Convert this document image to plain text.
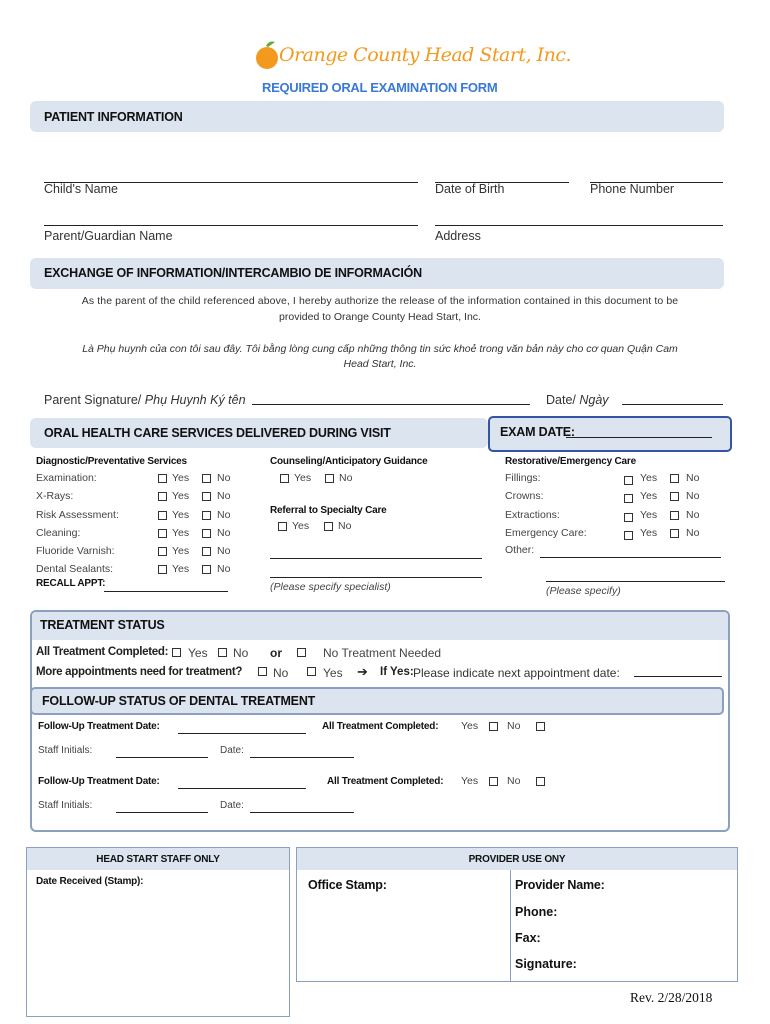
Orange County Head Start, Inc.
REQUIRED ORAL EXAMINATION FORM
PATIENT INFORMATION
Child's Name	Date of Birth	Phone Number
Parent/Guardian Name	Address
EXCHANGE OF INFORMATION/INTERCAMBIO DE INFORMACIÓN
As the parent of the child referenced above, I hereby authorize the release of the information contained in this document to be
provided to Orange County Head Start, Inc.
Là Phụ huynh của con tôi sau đây. Tôi bằng lòng cung cấp những thông tin sức khoẻ trong văn bản này cho cơ quan Quận Cam
Head Start, Inc.
Parent Signature/ Phụ Huynh Ký tên	Date/ Ngày
ORAL HEALTH CARE SERVICES DELIVERED DURING VISIT	EXAM DATE:
Diagnostic/Preventative Services
Examination:	Yes	No
X-Rays:	Yes	No
Risk Assessment:	Yes	No
Cleaning:	Yes	No
Fluoride Varnish:	Yes	No
Dental Sealants:	Yes	No
RECALL APPT:
Counseling/Anticipatory Guidance
Yes	No
Referral to Specialty Care
Yes	No
(Please specify specialist)
Restorative/Emergency Care
Fillings:	Yes	No
Crowns:	Yes	No
Extractions:	Yes	No
Emergency Care:	Yes	No
Other:
(Please specify)
TREATMENT STATUS
All Treatment Completed: Yes No or	No Treatment Needed
More appointments need for treatment?	No	Yes ➔ If Yes: Please indicate next appointment date:
FOLLOW-UP STATUS OF DENTAL TREATMENT
Follow-Up Treatment Date:	All Treatment Completed: Yes	No
Staff Initials:	Date:
Follow-Up Treatment Date:	All Treatment Completed: Yes	No
Staff Initials:	Date:
HEAD START STAFF ONLY
Date Received (Stamp):
PROVIDER USE ONY
Office Stamp:	Provider Name:
Phone:
Fax:
Signature:
Rev. 2/28/2018
